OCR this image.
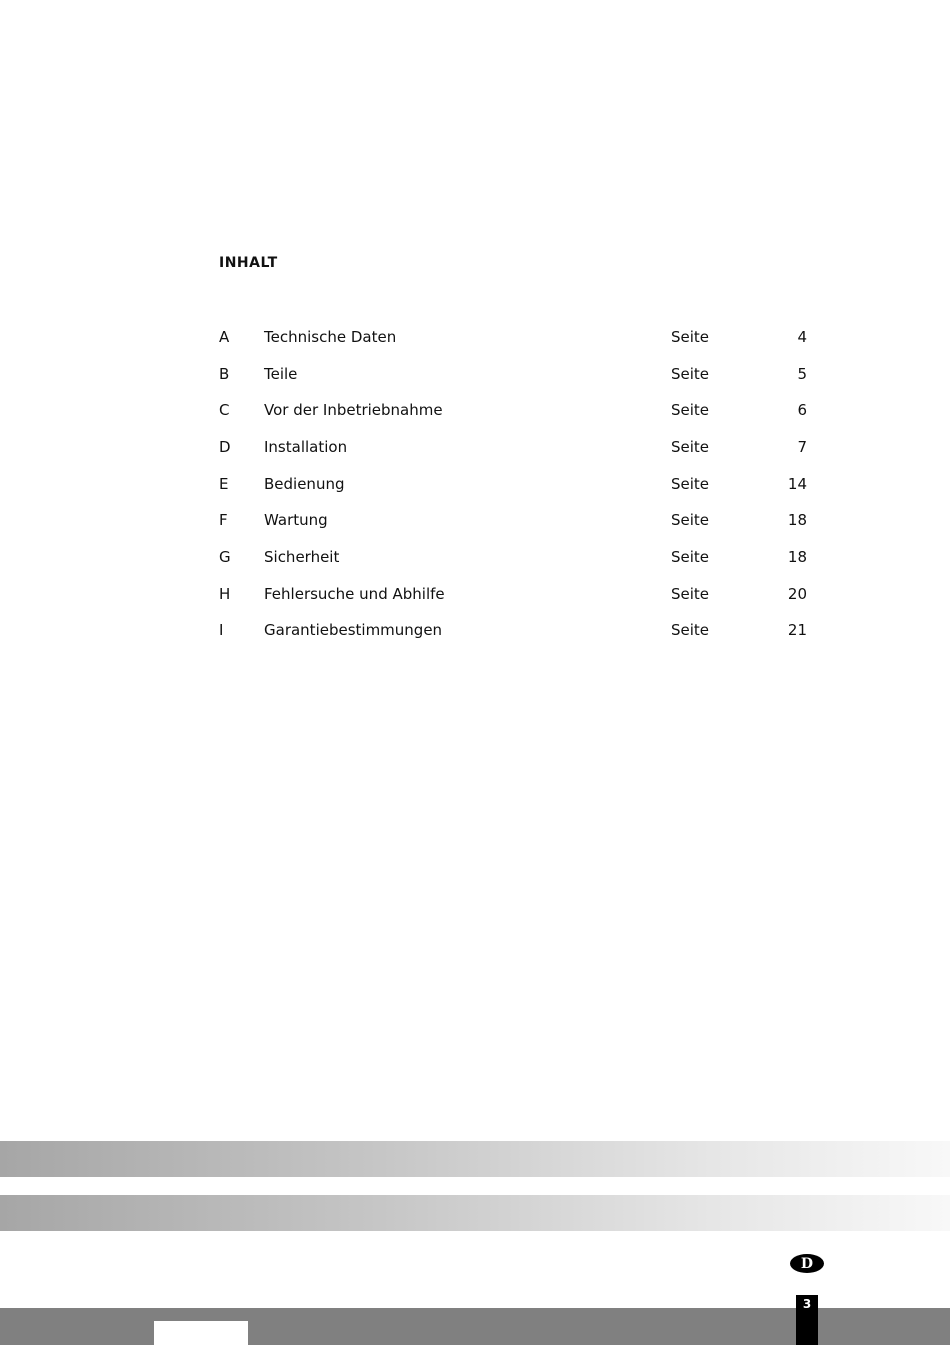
INHALT
A Technische Daten	Seite	4
B Teile	Seite	5
C Vor der Inbetriebnahme	Seite	6
D Installation	Seite	7
E Bedienung	Seite	14
F Wartung	Seite	18
G Sicherheit	Seite	18
H Fehlersuche und Abhilfe	Seite	20
I	Garantiebestimmungen	Seite	21
D
3
